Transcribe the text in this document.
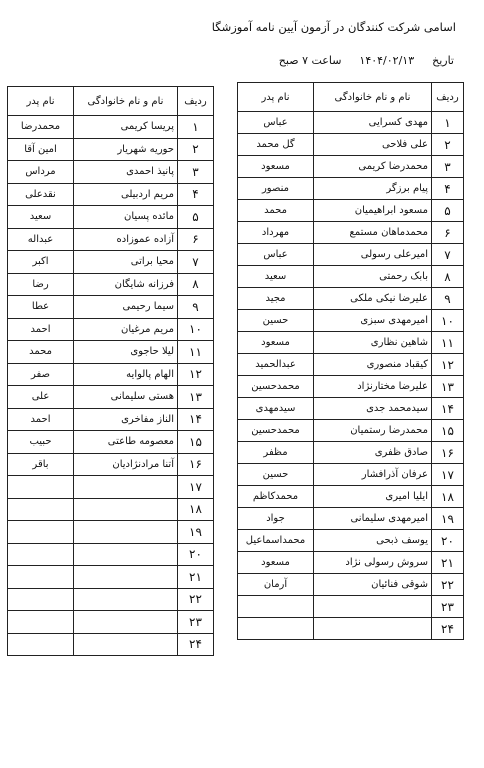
اسامی شرکت کنندگان در آزمون آیین نامه آموزشگا
تاریخ۱۴۰۴/۰۲/۱۳ساعت ۷ صبح
ردیف	نام و نام خانوادگی	نام پدر
۱	مهدی کسرایی	عباس
۲	علی فلاحی	گل محمد
۳	محمدرضا کریمی	مسعود
۴	پیام برزگر	منصور
۵	مسعود ابراهیمیان	محمد
۶	محمدماهان مستمع	مهرداد
۷	امیرعلی رسولی	عباس
۸	بابک رحمتی	سعید
۹	علیرضا نیکی ملکی	مجید
۱۰	امیرمهدی سبزی	حسین
۱۱	شاهین نظاری	مسعود
۱۲	کیقباد منصوری	عبدالحمید
۱۳	علیرضا مختارنژاد	محمدحسین
۱۴	سیدمحمد جدی	سیدمهدی
۱۵	محمدرضا رستمیان	محمدحسین
۱۶	صادق ظفری	مظفر
۱۷	عرفان آذرافشار	حسین
۱۸	ایلیا امیری	محمدکاظم
۱۹	امیرمهدی سلیمانی	جواد
۲۰	یوسف ذبحی	محمداسماعیل
۲۱	سروش رسولی نژاد	مسعود
۲۲	شوقی فنائیان	آرمان
۲۳		
۲۴		
ردیف	نام و نام خانوادگی	نام پدر
۱	پریسا کریمی	محمدرضا
۲	حوریه شهریار	امین آقا
۳	پانیذ احمدی	مرداس
۴	مریم اردبیلی	نقدعلی
۵	مائده پسیان	سعید
۶	آزاده عموزاده	عبداله
۷	محیا براتی	اکبر
۸	فرزانه شایگان	رضا
۹	سیما رحیمی	عطا
۱۰	مریم مرغیان	احمد
۱۱	لیلا حاجوی	محمد
۱۲	الهام پالوایه	صفر
۱۳	هستی سلیمانی	علی
۱۴	الناز مفاخری	احمد
۱۵	معصومه طاعتی	حبیب
۱۶	آتنا مرادنژادیان	باقر
۱۷		
۱۸		
۱۹		
۲۰		
۲۱		
۲۲		
۲۳		
۲۴		
